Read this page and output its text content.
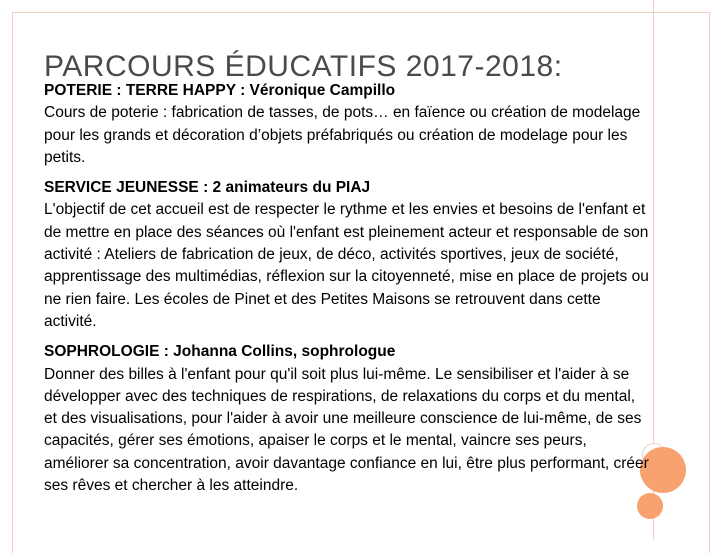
PARCOURS ÉDUCATIFS 2017-2018:
POTERIE : TERRE HAPPY : Véronique Campillo
Cours de poterie : fabrication de tasses, de pots… en faïence ou création de modelage pour les grands et décoration d’objets préfabriqués ou création de modelage pour les petits.
SERVICE JEUNESSE : 2 animateurs du PIAJ
L'objectif de cet accueil est de respecter le rythme et les envies et besoins de l'enfant et de mettre en place des séances où l'enfant est pleinement acteur et responsable de son activité : Ateliers de fabrication de jeux, de déco, activités sportives, jeux de société, apprentissage des multimédias, réflexion sur la citoyenneté, mise en place de projets ou ne rien faire. Les écoles de Pinet et des Petites Maisons se retrouvent dans cette activité.
SOPHROLOGIE : Johanna Collins, sophrologue
Donner des billes à l'enfant pour qu'il soit plus lui-même. Le sensibiliser et l'aider à se développer avec des techniques de respirations, de relaxations du corps et du mental, et des visualisations, pour l'aider à avoir une meilleure conscience de lui-même, de ses capacités, gérer ses émotions, apaiser le corps et le mental, vaincre ses peurs, améliorer sa concentration, avoir davantage confiance en lui, être plus performant, créer ses rêves et chercher à les atteindre.
